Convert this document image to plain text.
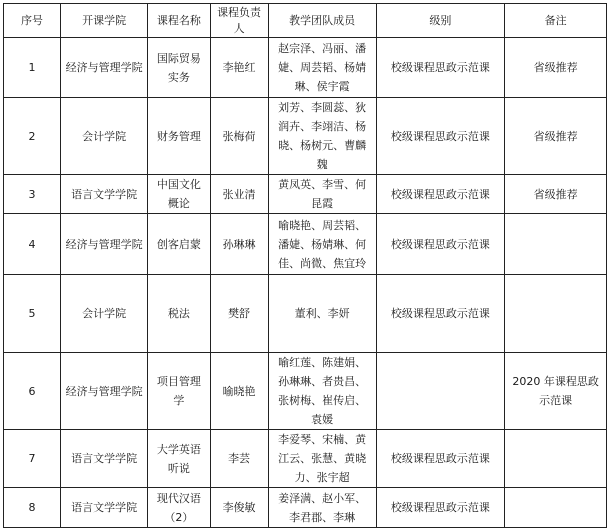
序号	开课学院	课程名称	课程负责人	教学团队成员	级别	备注
1	经济与管理学院	国际贸易实务	李艳红	赵宗泽、冯丽、潘婕、周芸韬、杨婧琳、侯宇霞	校级课程思政示范课	省级推荐
2	会计学院	财务管理	张梅荷	刘芳、李圆蕊、狄润卉、李翊洁、杨晓、杨树元、曹麟魏	校级课程思政示范课	省级推荐
3	语言文学学院	中国文化概论	张业清	黄凤英、李雪、何昆霞	校级课程思政示范课	省级推荐
4	经济与管理学院	创客启蒙	孙琳琳	喻晓艳、周芸韬、潘婕、杨婧琳、何佳、尚微、焦宜玲	校级课程思政示范课	
5	会计学院	税法	樊舒	董利、李妍	校级课程思政示范课	
6	经济与管理学院	项目管理学	喻晓艳	喻红莲、陈建娟、孙琳琳、者贵昌、张树梅、崔传启、袁媛		2020 年课程思政示范课
7	语言文学学院	大学英语听说	李芸	李爱琴、宋楠、黄江云、张慧、黄晓力、张宇超	校级课程思政示范课	
8	语言文学学院	现代汉语（2）	李俊敏	姜泽满、赵小军、李君郡、李琳	校级课程思政示范课	
